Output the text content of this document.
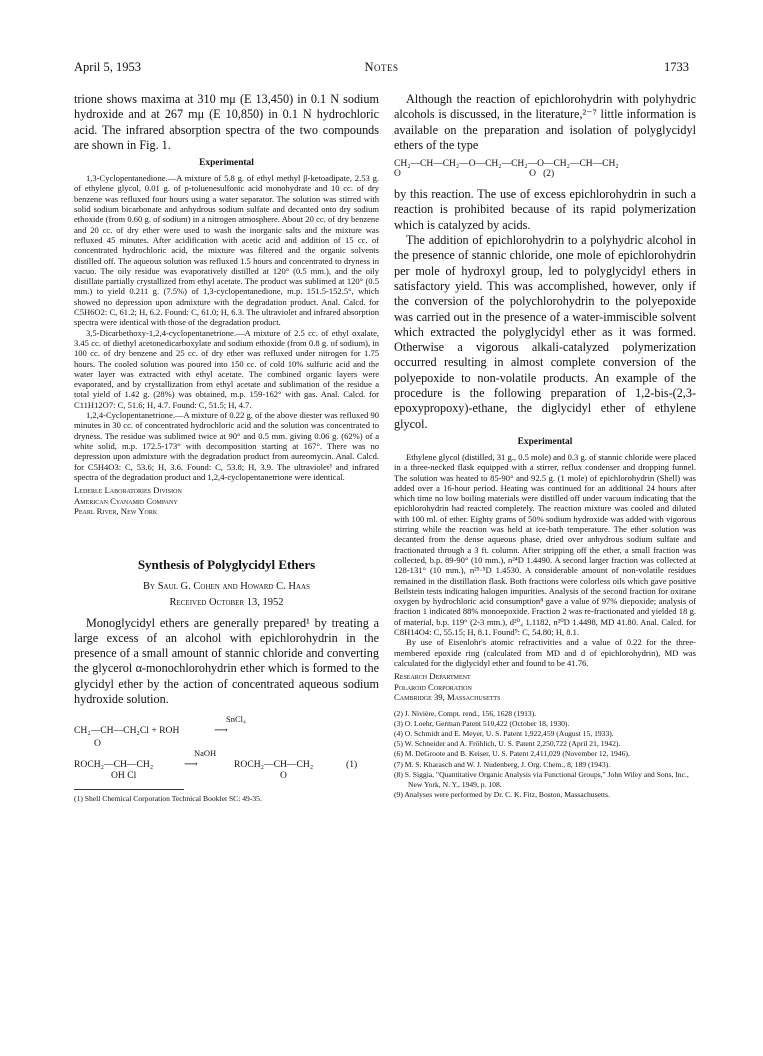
April 5, 1953	Notes	1733

trione shows maxima at 310 mμ (E 13,450) in 0.1 N sodium hydroxide and at 267 mμ (E 10,850) in 0.1 N hydrochloric acid. The infrared absorption spectra of the two compounds are shown in Fig. 1.

Experimental

1,3-Cyclopentanedione.—A mixture of 5.8 g. of ethyl methyl β-ketoadipate, 2.53 g. of ethylene glycol, 0.01 g. of p-toluenesulfonic acid monohydrate and 10 cc. of dry benzene was refluxed four hours using a water separator. The solution was stirred with solid sodium bicarbonate and anhydrous sodium sulfate and decanted onto dry sodium ethoxide (from 0.60 g. of sodium) in a nitrogen atmosphere. About 20 cc. of dry benzene and 20 cc. of dry ether were used to wash the inorganic salts and the mixture was refluxed 45 minutes. After acidification with acetic acid and addition of 15 cc. of concentrated hydrochloric acid, the mixture was filtered and the organic solvents distilled off. The aqueous solution was refluxed 1.5 hours and concentrated to dryness in vacuo. The oily residue was evaporatively distilled at 120° (0.5 mm.), and the oily distillate partially crystallized from ethyl acetate. The product was sublimed at 120° (0.5 mm.) to yield 0.211 g. (7.5%) of 1,3-cyclopentanedione, m.p. 151.5-152.5°, which showed no depression upon admixture with the degradation product. Anal. Calcd. for C5H6O2: C, 61.2; H, 6.2. Found: C, 61.0; H, 6.3. The ultraviolet and infrared absorption spectra were identical with those of the degradation product.

3,5-Dicarbethoxy-1,2,4-cyclopentanetrione.—A mixture of 2.5 cc. of ethyl oxalate, 3.45 cc. of diethyl acetonedicarboxylate and sodium ethoxide (from 0.8 g. of sodium), in 100 cc. of dry benzene and 25 cc. of dry ether was refluxed under nitrogen for 1.75 hours. The cooled solution was poured into 150 cc. of cold 10% sulfuric acid and the water layer was extracted with ethyl acetate. The combined organic layers were evaporated, and by crystallization from ethyl acetate and sublimation of the residue a total yield of 1.42 g. (28%) was obtained, m.p. 159-162° with gas. Anal. Calcd. for C11H12O7: C, 51.6; H, 4.7. Found: C, 51.5; H, 4.7.

1,2,4-Cyclopentanetrione.—A mixture of 0.22 g. of the above diester was refluxed 90 minutes in 30 cc. of concentrated hydrochloric acid and the solution was concentrated to dryness. The residue was sublimed twice at 90° and 0.5 mm. giving 0.06 g. (62%) of a white solid, m.p. 172.5-173° with decomposition starting at 167°. There was no depression upon admixture with the degradation product from aureomycin. Anal. Calcd. for C5H4O3: C, 53.6; H, 3.6. Found: C, 53.8; H, 3.9. The ultraviolet³ and infrared spectra of the degradation product and 1,2,4-cyclopentanetrione were identical.

Lederle Laboratories Division
American Cyanamid Company
Pearl River, New York
Synthesis of Polyglycidyl Ethers
By Saul G. Cohen and Howard C. Haas
Received October 13, 1952

Monoglycidyl ethers are generally prepared¹ by treating a large excess of an alcohol with epichlorohydrin in the presence of a small amount of stannic chloride and converting the glycerol α-monochlorohydrin ether which is formed to the glycidyl ether by the action of concentrated aqueous sodium hydroxide solution.

CH₂—CH—CH₂Cl + ROH
O
SnCl₄
⟶
ROCH₂—CH—CH₂
OH Cl
NaOH
⟶	ROCH₂—CH—CH₂
O
(1)

(1) Shell Chemical Corporation Technical Booklet SC: 49-35.

Although the reaction of epichlorohydrin with polyhydric alcohols is discussed, in the literature,²⁻⁷ little information is available on the preparation and isolation of polyglycidyl ethers of the type

CH₂—CH—CH₂—O—CH₂—CH₂—O—CH₂—CH—CH₂
O                                                      O (2)

by this reaction. The use of excess epichlorohydrin in such a reaction is prohibited because of its rapid polymerization which is catalyzed by acids.

The addition of epichlorohydrin to a polyhydric alcohol in the presence of stannic chloride, one mole of epichlorohydrin per mole of hydroxyl group, led to polyglycidyl ethers in satisfactory yield. This was accomplished, however, only if the conversion of the polychlorohydrin to the polyepoxide was carried out in the presence of a water-immiscible solvent which extracted the polyglycidyl ether as it was formed. Otherwise a vigorous alkali-catalyzed polymerization occurred resulting in almost complete conversion of the polyepoxide to non-volatile products. An example of the procedure is the following preparation of 1,2-bis-(2,3-epoxypropoxy)-ethane, the diglycidyl ether of ethylene glycol.

Experimental

Ethylene glycol (distilled, 31 g., 0.5 mole) and 0.3 g. of stannic chloride were placed in a three-necked flask equipped with a stirrer, reflux condenser and dropping funnel. The solution was heated to 85-90° and 92.5 g. (1 mole) of epichlorohydrin (Shell) was added over a 16-hour period. Heating was continued for an additional 24 hours after which time no low boiling materials were distilled off under vacuum indicating that the epichlorohydrin had reacted completely. The reaction mixture was cooled and diluted with 100 ml. of ether. Eighty grams of 50% sodium hydroxide was added with vigorous stirring while the reaction was held at ice-bath temperature. The ether solution was decanted from the dense aqueous phase, dried over anhydrous sodium sulfate and fractionated through a 3 ft. column. After stripping off the ether, a small fraction was collected, b.p. 89-90° (10 mm.), n²⁴D 1.4490. A second larger fraction was collected at 128-131° (10 mm.), n²⁵·⁵D 1.4530. A considerable amount of non-volatile residues remained in the distillation flask. Both fractions were colorless oils which gave positive Beilstein tests indicating halogen impurities. Analysis of the second fraction for oxirane oxygen by hydrochloric acid consumption⁸ gave a value of 97% diepoxide; analysis of fraction 1 indicated 88% monoepoxide. Fraction 2 was re-fractionated and yielded 18 g. of material, b.p. 119° (2-3 mm.), d²⁰₄ 1.1182, n²⁰D 1.4498, MD 41.80. Anal. Calcd. for C8H14O4: C, 55.15; H, 8.1. Found⁹: C, 54.80; H, 8.1.

By use of Eisenlohr's atomic refractivities and a value of 0.22 for the three-membered epoxide ring (calculated from MD and d of epichlorohydrin), MD was calculated for the diglycidyl ether and found to be 41.76.

Research Department
Polaroid Corporation
Cambridge 39, Massachusetts

(2) J. Nivière, Compt. rend., 156, 1628 (1913).

(3) O. Loehr, German Patent 510,422 (October 18, 1930).

(4) O. Schmidt and E. Meyer, U. S. Patent 1,922,459 (August 15, 1933).

(5) W. Schneider and A. Fröhlich, U. S. Patent 2,250,722 (April 21, 1942).

(6) M. DeGroote and B. Keiser, U. S. Patent 2,411,029 (November 12, 1946).

(7) M. S. Kharasch and W. J. Nudenberg, J. Org. Chem., 8, 189 (1943).

(8) S. Siggia, "Quantitative Organic Analysis via Functional Groups," John Wiley and Sons, Inc., New York, N. Y., 1949, p. 108.

(9) Analyses were performed by Dr. C. K. Fitz, Boston, Massachusetts.
